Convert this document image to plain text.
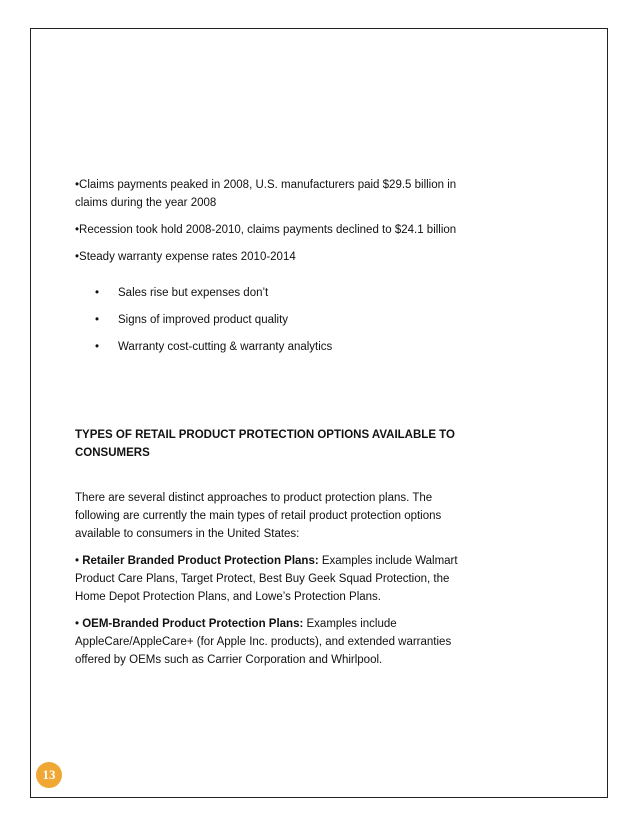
•Claims payments peaked in 2008, U.S. manufacturers paid $29.5 billion in claims during the year 2008

•Recession took hold 2008-2010, claims payments declined to $24.1 billion

•Steady warranty expense rates 2010-2014

• Sales rise but expenses don’t
• Signs of improved product quality
• Warranty cost-cutting & warranty analytics

TYPES OF RETAIL PRODUCT PROTECTION OPTIONS AVAILABLE TO CONSUMERS

There are several distinct approaches to product protection plans. The following are currently the main types of retail product protection options available to consumers in the United States:

• Retailer Branded Product Protection Plans: Examples include Walmart Product Care Plans, Target Protect, Best Buy Geek Squad Protection, the Home Depot Protection Plans, and Lowe’s Protection Plans.

• OEM-Branded Product Protection Plans: Examples include AppleCare/AppleCare+ (for Apple Inc. products), and extended warranties offered by OEMs such as Carrier Corporation and Whirlpool.

13
